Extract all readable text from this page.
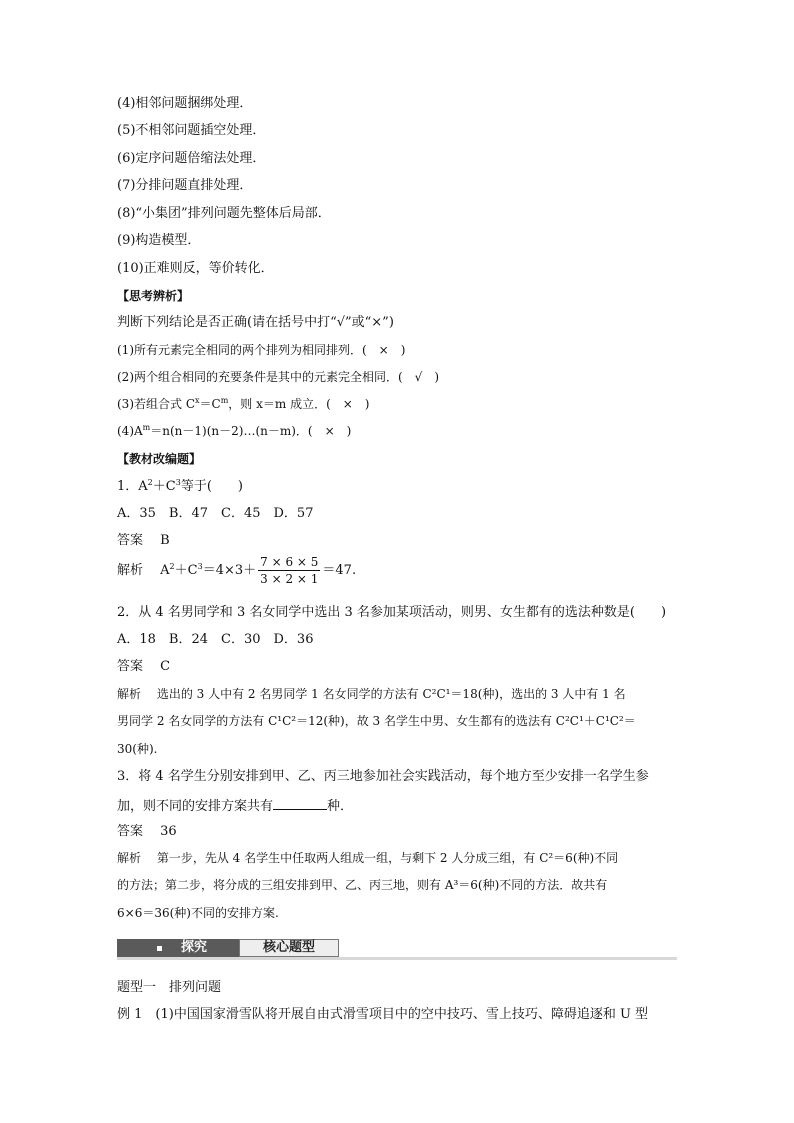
(4)相邻问题捆绑处理．
(5)不相邻问题插空处理．
(6)定序问题倍缩法处理．
(7)分排问题直排处理．
(8)“小集团”排列问题先整体后局部．
(9)构造模型．
(10)正难则反，等价转化．
【思考辨析】
判断下列结论是否正确(请在括号中打“√”或“×”)
(1)所有元素完全相同的两个排列为相同排列．(　×　)
(2)两个组合相同的充要条件是其中的元素完全相同．(　√　)
(3)若组合式 $C^x=C^m$，则 x＝m 成立．(　×　)
$(4)A^m=n(n-1)(n-2)\dots(n-m)$．(　×　)
【教材改编题】
1．$A^2+C^3$等于(　　)
A．35　B．47　C．45　D．57
答案　 B
解析　 $A^2+C^3=4\times 3+ \frac{7 \times 6 \times 5}{3 \times 2 \times 1} =47$.
2．从 4 名男同学和 3 名女同学中选出 3 名参加某项活动，则男、女生都有的选法种数是(　　)
A．18　B．24　C．30　D．36
答案　 C
解析　 选出的 3 人中有 2 名男同学 1 名女同学的方法有 C²C¹＝18(种)，选出的 3 人中有 1 名
男同学 2 名女同学的方法有 C¹C²＝12(种)，故 3 名学生中男、女生都有的选法有 C²C¹＋C¹C²＝
30(种).
3．将 4 名学生分别安排到甲、乙、丙三地参加社会实践活动，每个地方至少安排一名学生参
加，则不同的安排方案共有	种．
答案　 36
解析　 第一步，先从 4 名学生中任取两人组成一组，与剩下 2 人分成三组，有 C²＝6(种)不同
的方法；第二步，将分成的三组安排到甲、乙、丙三地，则有 A³＝6(种)不同的方法．故共有
6×6＝36(种)不同的安排方案.
探究	核心题型
题型一　排列问题
例 1　(1)中国国家滑雪队将开展自由式滑雪项目中的空中技巧、雪上技巧、障碍追逐和 U 型
